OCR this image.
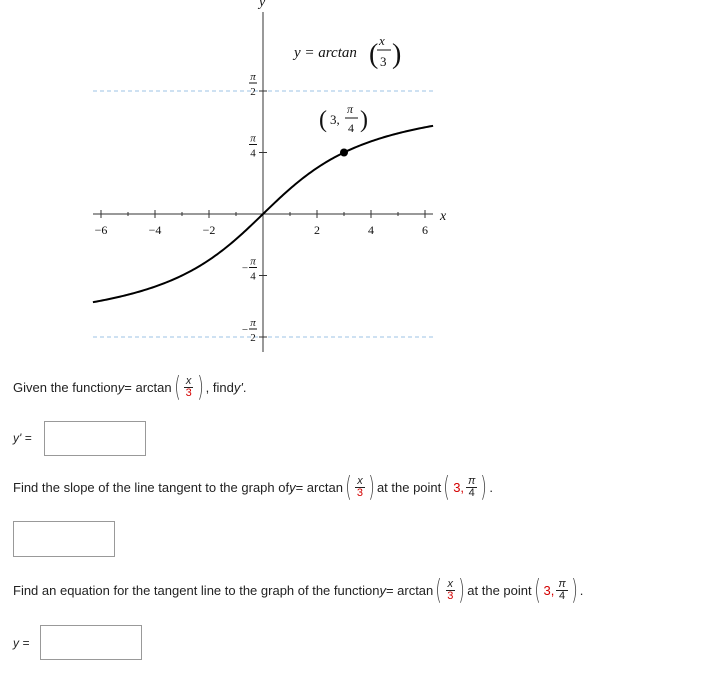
−6	−4	−2	2	4	6
π
2
π
4
π
4
−
π
2
−
y
x
y = arctan ( x
3 )
( 3,
π
4 )
Given the function y = arctan ( $\frac{x}{3}$ ) , find y' .
y' =
Find the slope of the line tangent to the graph of y = arctan ( $\frac{x}{3}$ ) at the point ( 3, $\frac{\pi}{4}$ ) .
Find an equation for the tangent line to the graph of the function y = arctan ( $\frac{x}{3}$ ) at the point ( 3, $\frac{\pi}{4}$ ) .
y =
